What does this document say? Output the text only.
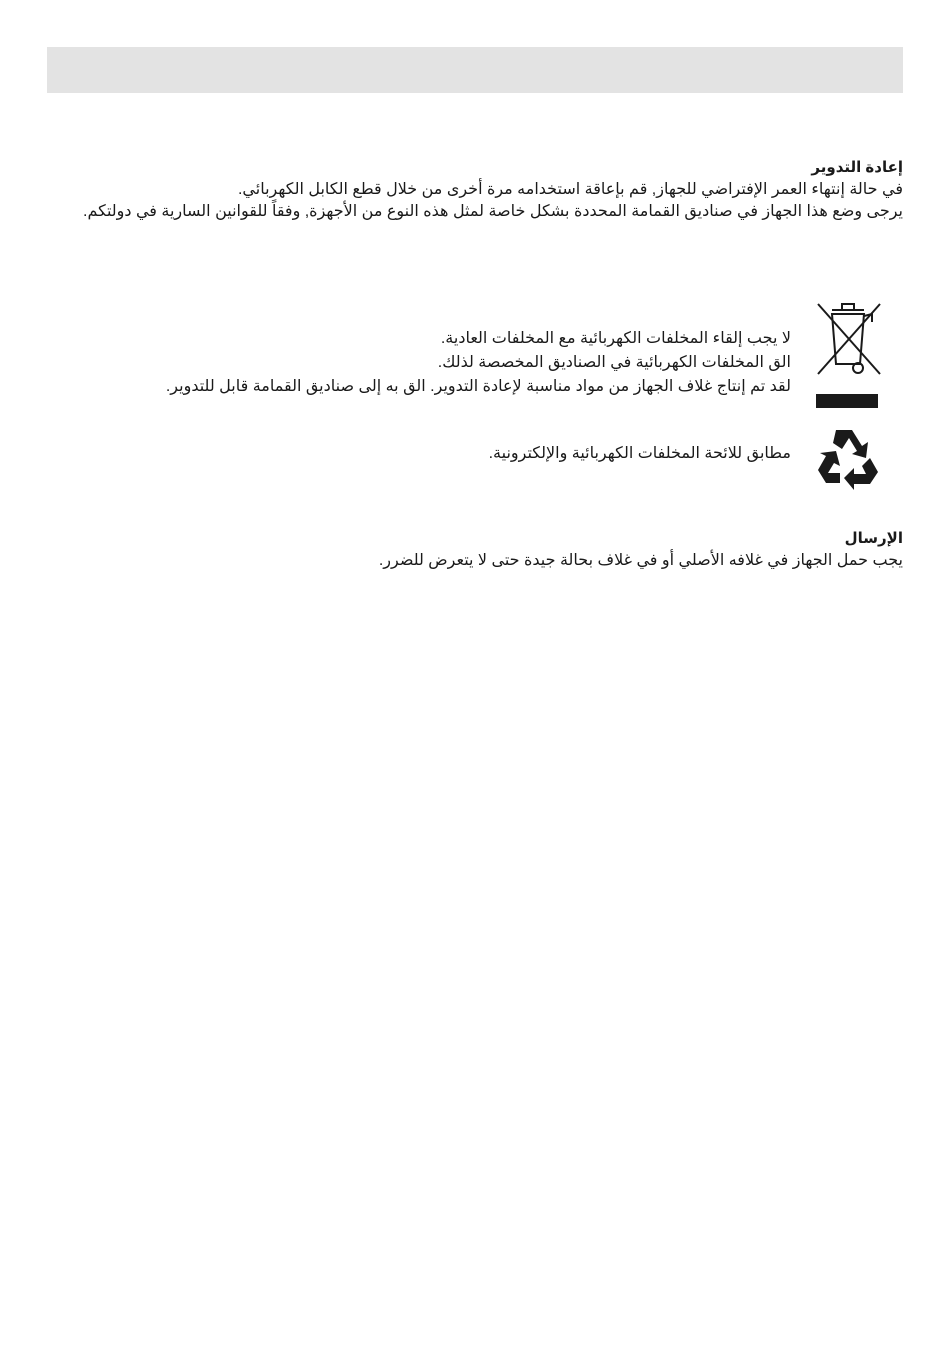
إعادة التدوير

في حالة إنتهاء العمر الإفتراضي للجهاز, قم بإعاقة استخدامه مرة أخرى من خلال قطع الكابل الكهربائي.

يرجى وضع هذا الجهاز في صناديق القمامة المحددة بشكل خاصة لمثل هذه النوع من الأجهزة, وفقاً للقوانين السارية في دولتكم.

لا يجب إلقاء المخلفات الكهربائية مع المخلفات العادية.
الق المخلفات الكهربائية في الصناديق المخصصة لذلك.
لقد تم إنتاج غلاف الجهاز من مواد مناسبة لإعادة التدوير. الق به إلى صناديق القمامة قابل للتدوير.
مطابق للائحة المخلفات الكهربائية والإلكترونية.
الإرسال

يجب حمل الجهاز في غلافه الأصلي أو في غلاف بحالة جيدة حتى لا يتعرض للضرر.
